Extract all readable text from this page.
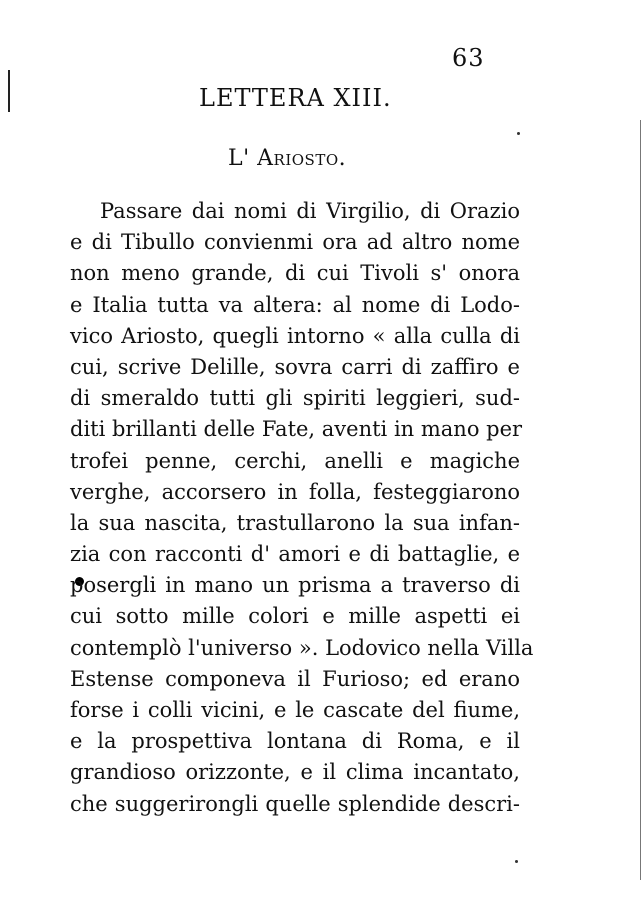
63
LETTERA XIII.
L' Ariosto.
Passare dai nomi di Virgilio, di Orazio
e di Tibullo convienmi ora ad altro nome
non meno grande, di cui Tivoli s' onora
e Italia tutta va altera: al nome di Lodo-
vico Ariosto, quegli intorno « alla culla di
cui, scrive Delille, sovra carri di zaffiro e
di smeraldo tutti gli spiriti leggieri, sud-
diti brillanti delle Fate, aventi in mano per
trofei penne, cerchi, anelli e magiche
verghe, accorsero in folla, festeggiarono
la sua nascita, trastullarono la sua infan-
zia con racconti d' amori e di battaglie, e
posergli in mano un prisma a traverso di
cui sotto mille colori e mille aspetti ei
contemplò l'universo ». Lodovico nella Villa
Estense componeva il Furioso; ed erano
forse i colli vicini, e le cascate del fiume,
e la prospettiva lontana di Roma, e il
grandioso orizzonte, e il clima incantato,
che suggerirongli quelle splendide descri-
